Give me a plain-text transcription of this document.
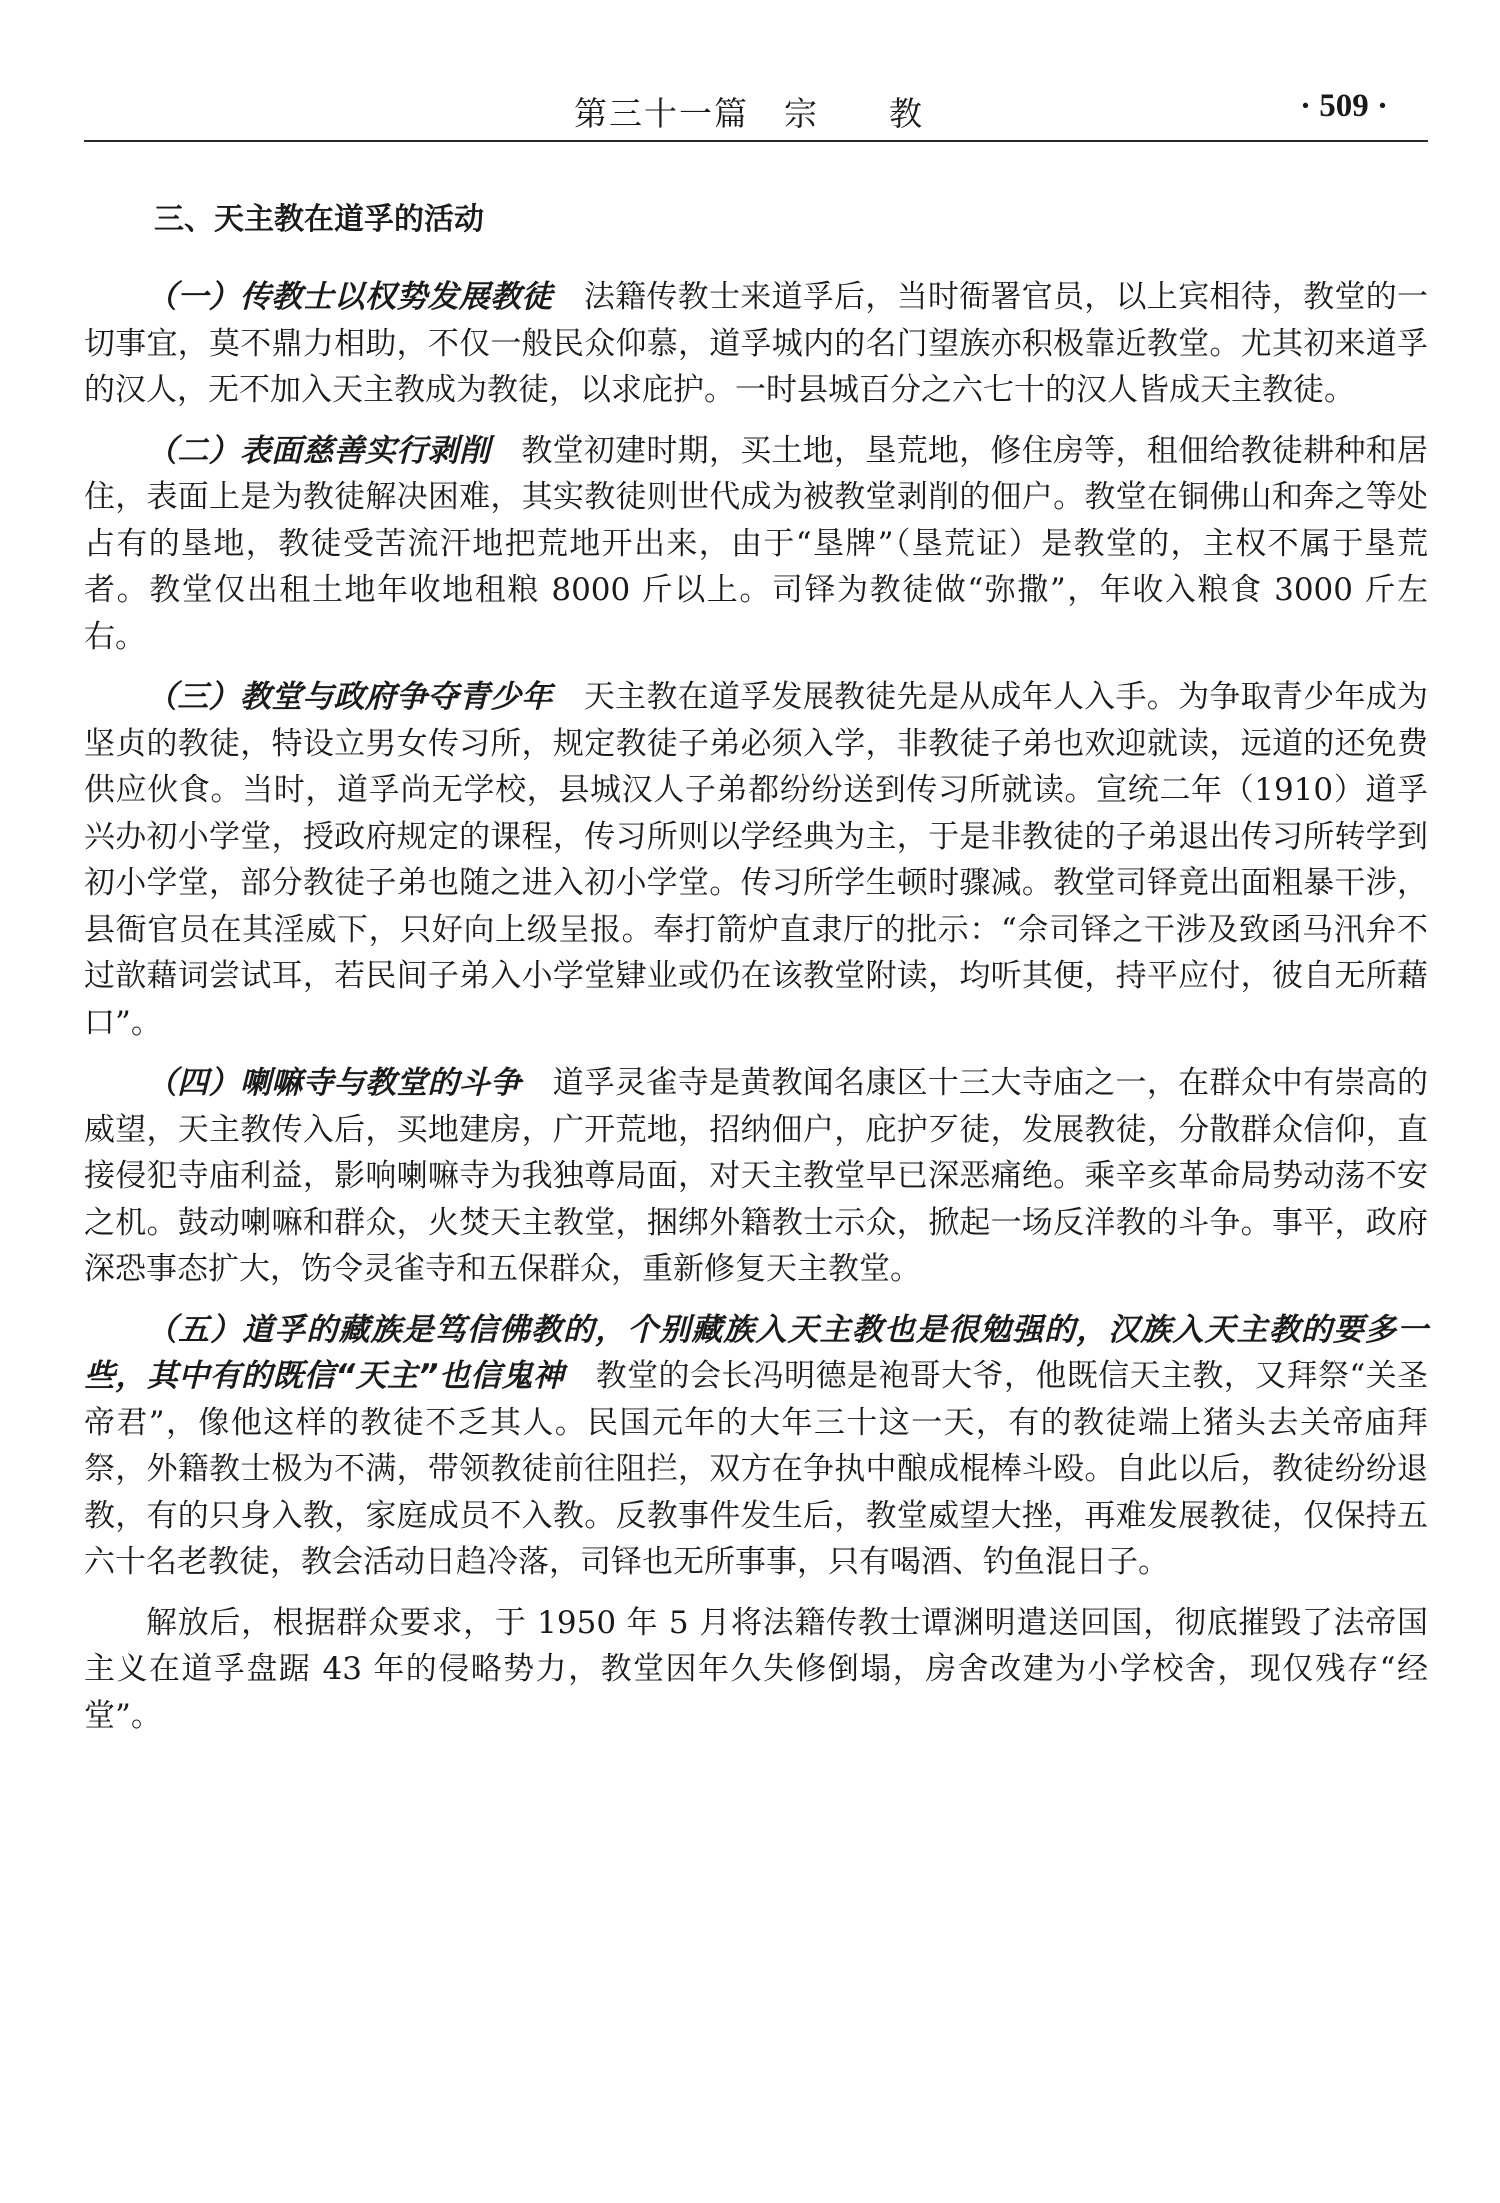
第三十一篇　宗　　教	· 509 ·
三、天主教在道孚的活动

（一）传教士以权势发展教徒 法籍传教士来道孚后，当时衙署官员，以上宾相待，教堂的一切事宜，莫不鼎力相助，不仅一般民众仰慕，道孚城内的名门望族亦积极靠近教堂。尤其初来道孚的汉人，无不加入天主教成为教徒，以求庇护。一时县城百分之六七十的汉人皆成天主教徒。

（二）表面慈善实行剥削 教堂初建时期，买土地，垦荒地，修住房等，租佃给教徒耕种和居住，表面上是为教徒解决困难，其实教徒则世代成为被教堂剥削的佃户。教堂在铜佛山和奔之等处占有的垦地，教徒受苦流汗地把荒地开出来，由于“垦牌”（垦荒证）是教堂的，主权不属于垦荒者。教堂仅出租土地年收地租粮 8000 斤以上。司铎为教徒做“弥撒”，年收入粮食 3000 斤左右。

（三）教堂与政府争夺青少年 天主教在道孚发展教徒先是从成年人入手。为争取青少年成为坚贞的教徒，特设立男女传习所，规定教徒子弟必须入学，非教徒子弟也欢迎就读，远道的还免费供应伙食。当时，道孚尚无学校，县城汉人子弟都纷纷送到传习所就读。宣统二年（1910）道孚兴办初小学堂，授政府规定的课程，传习所则以学经典为主，于是非教徒的子弟退出传习所转学到初小学堂，部分教徒子弟也随之进入初小学堂。传习所学生顿时骤减。教堂司铎竟出面粗暴干涉，县衙官员在其淫威下，只好向上级呈报。奉打箭炉直隶厅的批示：“佘司铎之干涉及致函马汛弁不过歆藉词尝试耳，若民间子弟入小学堂肄业或仍在该教堂附读，均听其便，持平应付，彼自无所藉口”。

（四）喇嘛寺与教堂的斗争 道孚灵雀寺是黄教闻名康区十三大寺庙之一，在群众中有崇高的威望，天主教传入后，买地建房，广开荒地，招纳佃户，庇护歹徒，发展教徒，分散群众信仰，直接侵犯寺庙利益，影响喇嘛寺为我独尊局面，对天主教堂早已深恶痛绝。乘辛亥革命局势动荡不安之机。鼓动喇嘛和群众，火焚天主教堂，捆绑外籍教士示众，掀起一场反洋教的斗争。事平，政府深恐事态扩大，饬令灵雀寺和五保群众，重新修复天主教堂。

（五）道孚的藏族是笃信佛教的，个别藏族入天主教也是很勉强的，汉族入天主教的要多一些，其中有的既信“天主”也信鬼神 教堂的会长冯明德是袍哥大爷，他既信天主教，又拜祭“关圣帝君”，像他这样的教徒不乏其人。民国元年的大年三十这一天，有的教徒端上猪头去关帝庙拜祭，外籍教士极为不满，带领教徒前往阻拦，双方在争执中酿成棍棒斗殴。自此以后，教徒纷纷退教，有的只身入教，家庭成员不入教。反教事件发生后，教堂威望大挫，再难发展教徒，仅保持五六十名老教徒，教会活动日趋冷落，司铎也无所事事，只有喝酒、钓鱼混日子。

解放后，根据群众要求，于 1950 年 5 月将法籍传教士谭渊明遣送回国，彻底摧毁了法帝国主义在道孚盘踞 43 年的侵略势力，教堂因年久失修倒塌，房舍改建为小学校舍，现仅残存“经堂”。
